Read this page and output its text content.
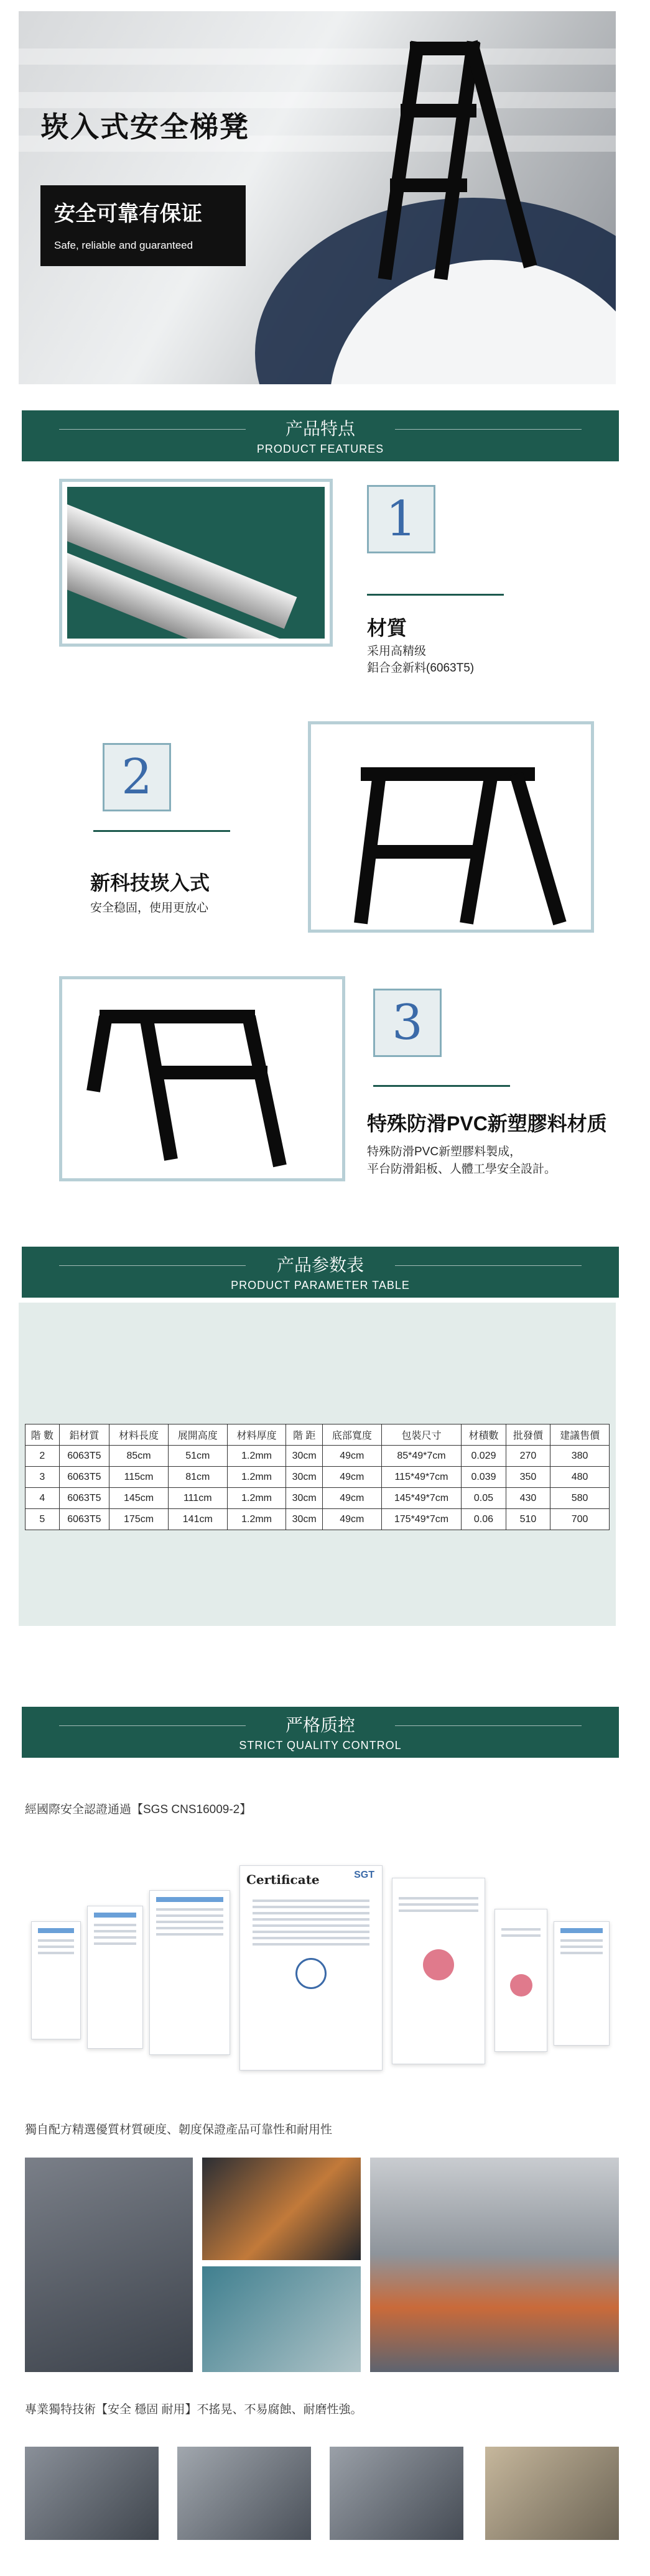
崁入式安全梯凳
安全可靠有保证
Safe, reliable and guaranteed
产品特点
PRODUCT FEATURES
1
材質
采用高精级
鋁合金新料(6063T5)
2
新科技崁入式
安全稳固，使用更放心
3
特殊防滑PVC新塑膠料材质
特殊防滑PVC新塑膠料製成，
平台防滑鋁板、人體工學安全設計。
产品参数表
PRODUCT PARAMETER TABLE
階 數	鋁材質	材料長度	展開高度	材料厚度	階 距	底部寬度	包裝尺寸	材積數	批發價	建議售價
2	6063T5	85cm	51cm	1.2mm	30cm	49cm	85*49*7cm	0.029	270	380
3	6063T5	115cm	81cm	1.2mm	30cm	49cm	115*49*7cm	0.039	350	480
4	6063T5	145cm	111cm	1.2mm	30cm	49cm	145*49*7cm	0.05	430	580
5	6063T5	175cm	141cm	1.2mm	30cm	49cm	175*49*7cm	0.06	510	700
严格质控
STRICT QUALITY CONTROL
經國際安全認證通過【SGS CNS16009-2】
Certificate	SGT
獨自配方精選優質材質硬度、韌度保證產品可靠性和耐用性
專業獨特技術【安全 穩固 耐用】不搖晃、不易腐蝕、耐磨性強。
